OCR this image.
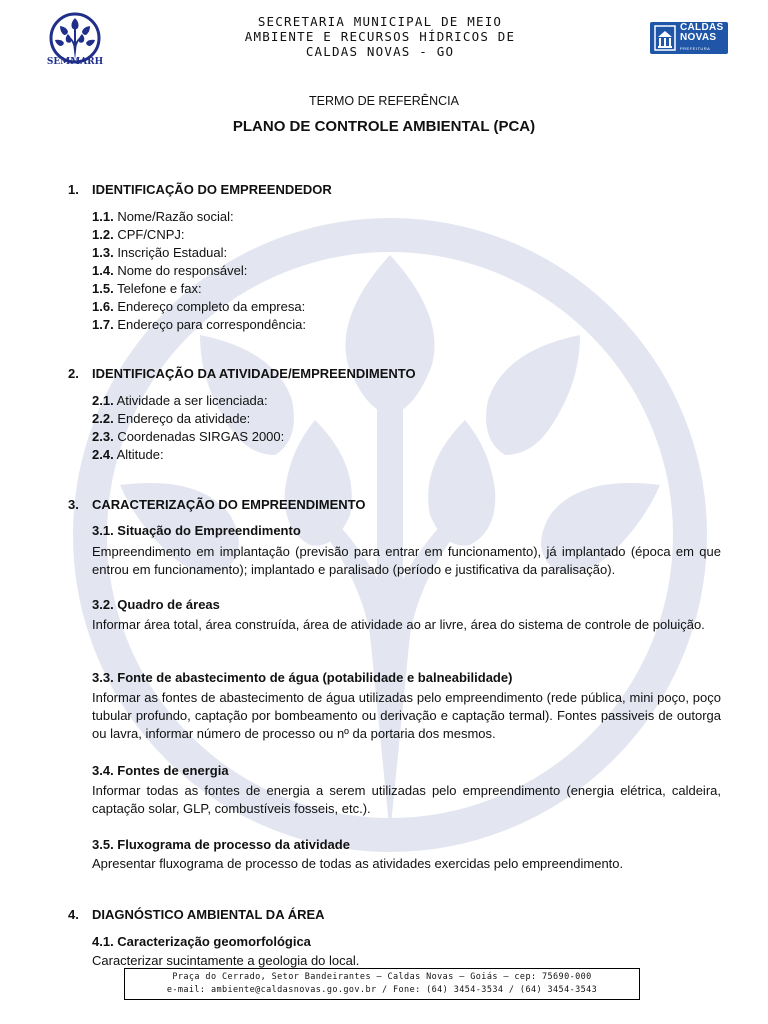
SEMMARH
SECRETARIA MUNICIPAL DE MEIO
AMBIENTE E RECURSOS HÍDRICOS DE
CALDAS NOVAS - GO
CALDAS
NOVAS
PREFEITURA
TERMO DE REFERÊNCIA
PLANO DE CONTROLE AMBIENTAL (PCA)
1. IDENTIFICAÇÃO DO EMPREENDEDOR
1.1. Nome/Razão social:
1.2. CPF/CNPJ:
1.3. Inscrição Estadual:
1.4. Nome do responsável:
1.5. Telefone e fax:
1.6. Endereço completo da empresa:
1.7. Endereço para correspondência:
2. IDENTIFICAÇÃO DA ATIVIDADE/EMPREENDIMENTO
2.1. Atividade a ser licenciada:
2.2. Endereço da atividade:
2.3. Coordenadas SIRGAS 2000:
2.4. Altitude:
3. CARACTERIZAÇÃO DO EMPREENDIMENTO
3.1. Situação do Empreendimento
Empreendimento em implantação (previsão para entrar em funcionamento), já implantado (época em que entrou em funcionamento); implantado e paralisado (período e justificativa da paralisação).
3.2. Quadro de áreas
Informar área total, área construída, área de atividade ao ar livre, área do sistema de controle de poluição.
3.3. Fonte de abastecimento de água (potabilidade e balneabilidade)
Informar as fontes de abastecimento de água utilizadas pelo empreendimento (rede pública, mini poço, poço tubular profundo, captação por bombeamento ou derivação e captação termal). Fontes passiveis de outorga ou lavra, informar número de processo ou nº da portaria dos mesmos.
3.4. Fontes de energia
Informar todas as fontes de energia a serem utilizadas pelo empreendimento (energia elétrica, caldeira, captação solar, GLP, combustíveis fosseis, etc.).
3.5. Fluxograma de processo da atividade
Apresentar fluxograma de processo de todas as atividades exercidas pelo empreendimento.
4. DIAGNÓSTICO AMBIENTAL DA ÁREA
4.1. Caracterização geomorfológica
Caracterizar sucintamente a geologia do local.
Praça do Cerrado, Setor Bandeirantes – Caldas Novas – Goiás – cep: 75690-000
e-mail: ambiente@caldasnovas.go.gov.br / Fone: (64) 3454-3534 / (64) 3454-3543
